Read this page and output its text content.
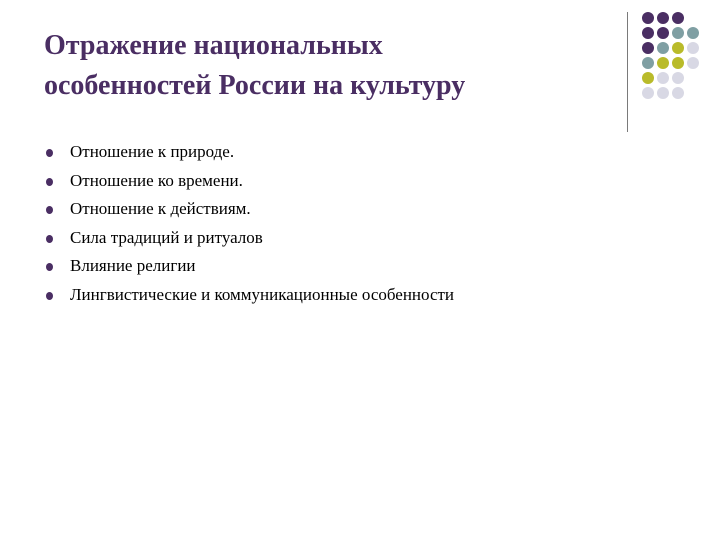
Отражение национальных
особенностей России на культуру
Отношение к природе.
Отношение ко времени.
Отношение к действиям.
Сила традиций и ритуалов
Влияние религии
Лингвистические и коммуникационные особенности
